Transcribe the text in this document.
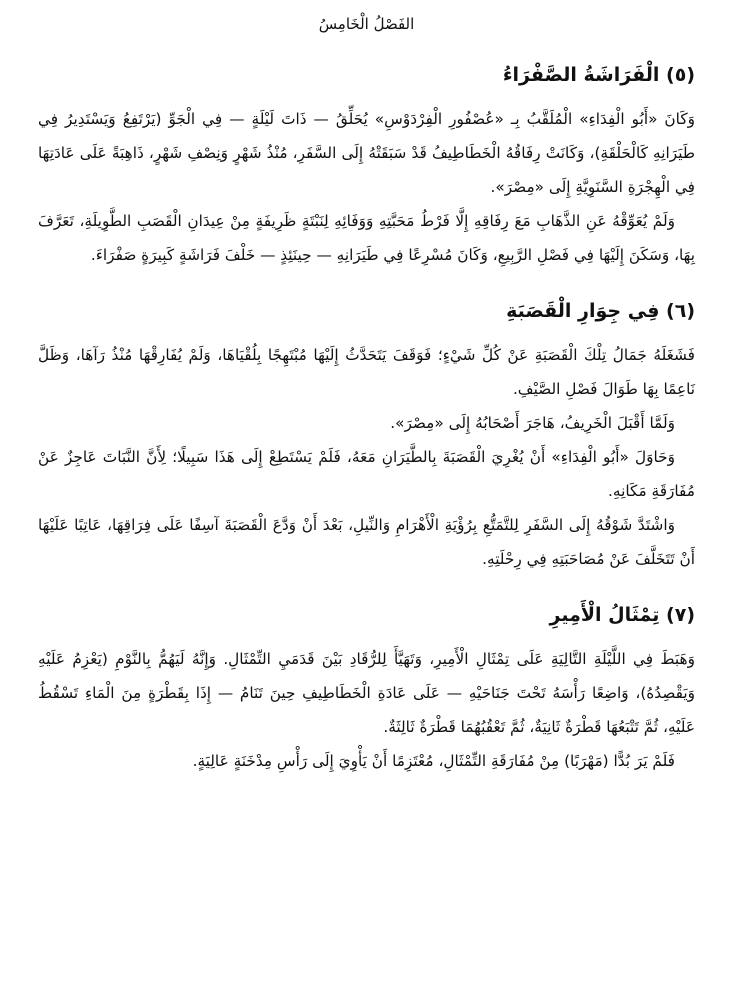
الفَصْلُ الْخَامِسُ
(٥) الْفَرَاشَةُ الصَّفْرَاءُ

وَكَانَ «أَبُو الْفِدَاءِ» الْمُلَقَّبُ بِـ «عُصْفُورِ الْفِرْدَوْسِ» يُحَلِّقُ — ذَاتَ لَيْلَةٍ — فِي الْجَوِّ (يَرْتَفِعُ وَيَسْتَدِيرُ فِي طَيَرَانِهِ كَالْحَلْقَةِ)، وَكَانَتْ رِفَاقُهُ الْخَطَاطِيفُ قَدْ سَبَقَتْهُ إِلَى السَّفَرِ، مُنْذُ شَهْرٍ وَنِصْفِ شَهْرٍ، ذَاهِبَةً عَلَى عَادَتِهَا فِي الْهِجْرَةِ السَّنَوِيَّةِ إِلَى «مِصْرَ».

وَلَمْ يُعَوِّقْهُ عَنِ الذَّهَابِ مَعَ رِفَاقِهِ إِلَّا فَرْطُ مَحَبَّتِهِ وَوَفَائِهِ لِنَبْتَةٍ ظَرِيفَةٍ مِنْ عِيدَانِ الْقَصَبِ الطَّوِيلَةِ، تَعَرَّفَ بِهَا، وَسَكَنَ إِلَيْهَا فِي فَصْلِ الرَّبِيعِ، وَكَانَ مُسْرِعًا فِي طَيَرَانِهِ — حِينَئِذٍ — خَلْفَ فَرَاشَةٍ كَبِيرَةٍ صَفْرَاءَ.

(٦) فِي جِوَارِ الْقَصَبَةِ

فَشَغَلَهُ جَمَالُ تِلْكَ الْقَصَبَةِ عَنْ كُلِّ شَيْءٍ؛ فَوَقَفَ يَتَحَدَّثُ إِلَيْهَا مُبْتَهِجًا بِلُقْيَاهَا، وَلَمْ يُفَارِقْهَا مُنْذُ رَآهَا، وَظَلَّ نَاعِمًا بِهَا طَوَالَ فَصْلِ الصَّيْفِ.

وَلَمَّا أَقْبَلَ الْخَرِيفُ، هَاجَرَ أَصْحَابُهُ إِلَى «مِصْرَ».

وَحَاوَلَ «أَبُو الْفِدَاءِ» أَنْ يُغْرِيَ الْقَصَبَةَ بِالطَّيَرَانِ مَعَهُ، فَلَمْ يَسْتَطِعْ إِلَى هَذَا سَبِيلًا؛ لِأَنَّ النَّبَاتَ عَاجِزٌ عَنْ مُفَارَقَةِ مَكَانِهِ.

وَاشْتَدَّ شَوْقُهُ إِلَى السَّفَرِ لِلتَّمَتُّعِ بِرُؤْيَةِ الْأَهْرَامِ وَالنِّيلِ، بَعْدَ أَنْ وَدَّعَ الْقَصَبَةَ آسِفًا عَلَى فِرَاقِهَا، عَاتِبًا عَلَيْهَا أَنْ تَتَخَلَّفَ عَنْ مُصَاحَبَتِهِ فِي رِحْلَتِهِ.

(٧) تِمْثَالُ الْأَمِيرِ

وَهَبَطَ فِي اللَّيْلَةِ التَّالِيَةِ عَلَى تِمْثَالِ الْأَمِيرِ، وَتَهَيَّأَ لِلرُّقَادِ بَيْنَ قَدَمَيِ التِّمْثَالِ. وَإِنَّهُ لَيَهُمُّ بِالنَّوْمِ (يَعْزِمُ عَلَيْهِ وَيَقْصِدُهُ)، وَاضِعًا رَأْسَهُ تَحْتَ جَنَاحَيْهِ — عَلَى عَادَةِ الْخَطَاطِيفِ حِينَ تَنَامُ — إِذَا بِقَطْرَةٍ مِنَ الْمَاءِ تَسْقُطُ عَلَيْهِ، ثُمَّ تَتْبَعُهَا قَطْرَةٌ ثَانِيَةٌ، ثُمَّ تَعْقُبُهُمَا قَطْرَةٌ ثَالِثَةٌ.

فَلَمْ يَرَ بُدًّا (مَهْرَبًا) مِنْ مُفَارَقَةِ التِّمْثَالِ، مُعْتَزِمًا أَنْ يَأْوِيَ إِلَى رَأْسِ مِدْخَنَةٍ عَالِيَةٍ.
